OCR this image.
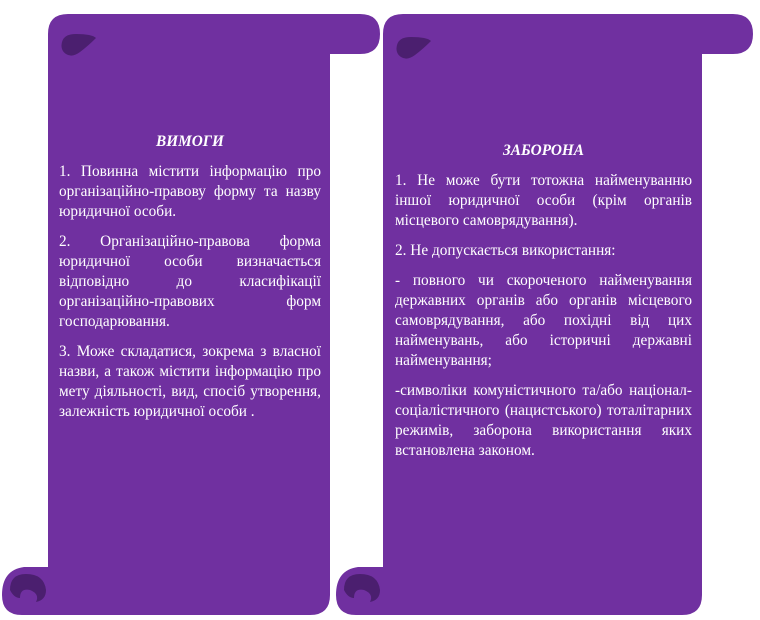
ВИМОГИ

1. Повинна містити інформацію про організаційно-правову форму та назву юридичної особи.

2. Організаційно-правова форма юридичної особи визначається відповідно до класифікації організаційно-правових форм господарювання.

3. Може складатися, зокрема з власної назви, а також містити інформацію про мету діяльності, вид, спосіб утворення, залежність юридичної особи .

ЗАБОРОНА

1. Не може бути тотожна найменуванню іншої юридичної особи (крім органів місцевого самоврядування).

2. Не допускається використання:

- повного чи скороченого найменування державних органів або органів місцевого самоврядування, або похідні від цих найменувань, або історичні державні найменування;

-символіки комуністичного та/або націонал-соціалістичного (нацистського) тоталітарних режимів, заборона використання яких встановлена законом.
